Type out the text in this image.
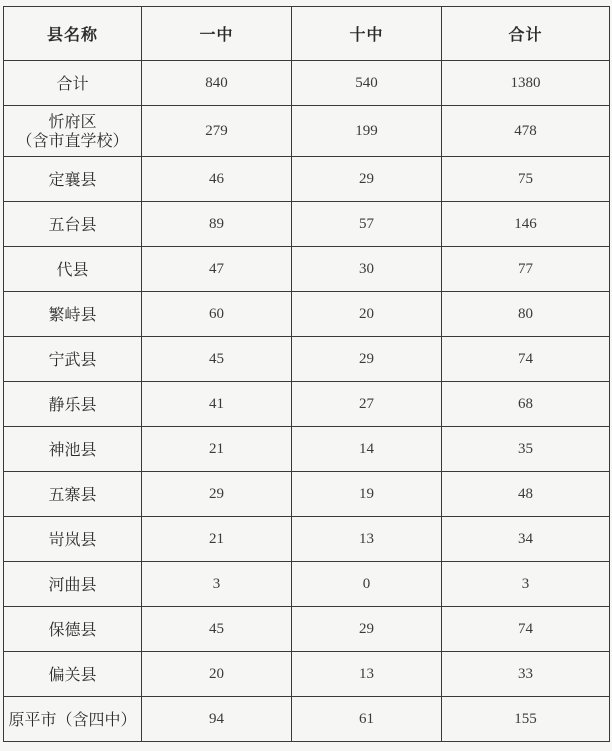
县名称	一中	十中	合计

合计	840	540	1380

忻府区
（含市直学校）	279	199	478

定襄县	46	29	75

五台县	89	57	146

代县	47	30	77

繁峙县	60	20	80

宁武县	45	29	74

静乐县	41	27	68

神池县	21	14	35

五寨县	29	19	48

岢岚县	21	13	34

河曲县	3	0	3

保德县	45	29	74

偏关县	20	13	33

原平市（含四中）	94	61	155
